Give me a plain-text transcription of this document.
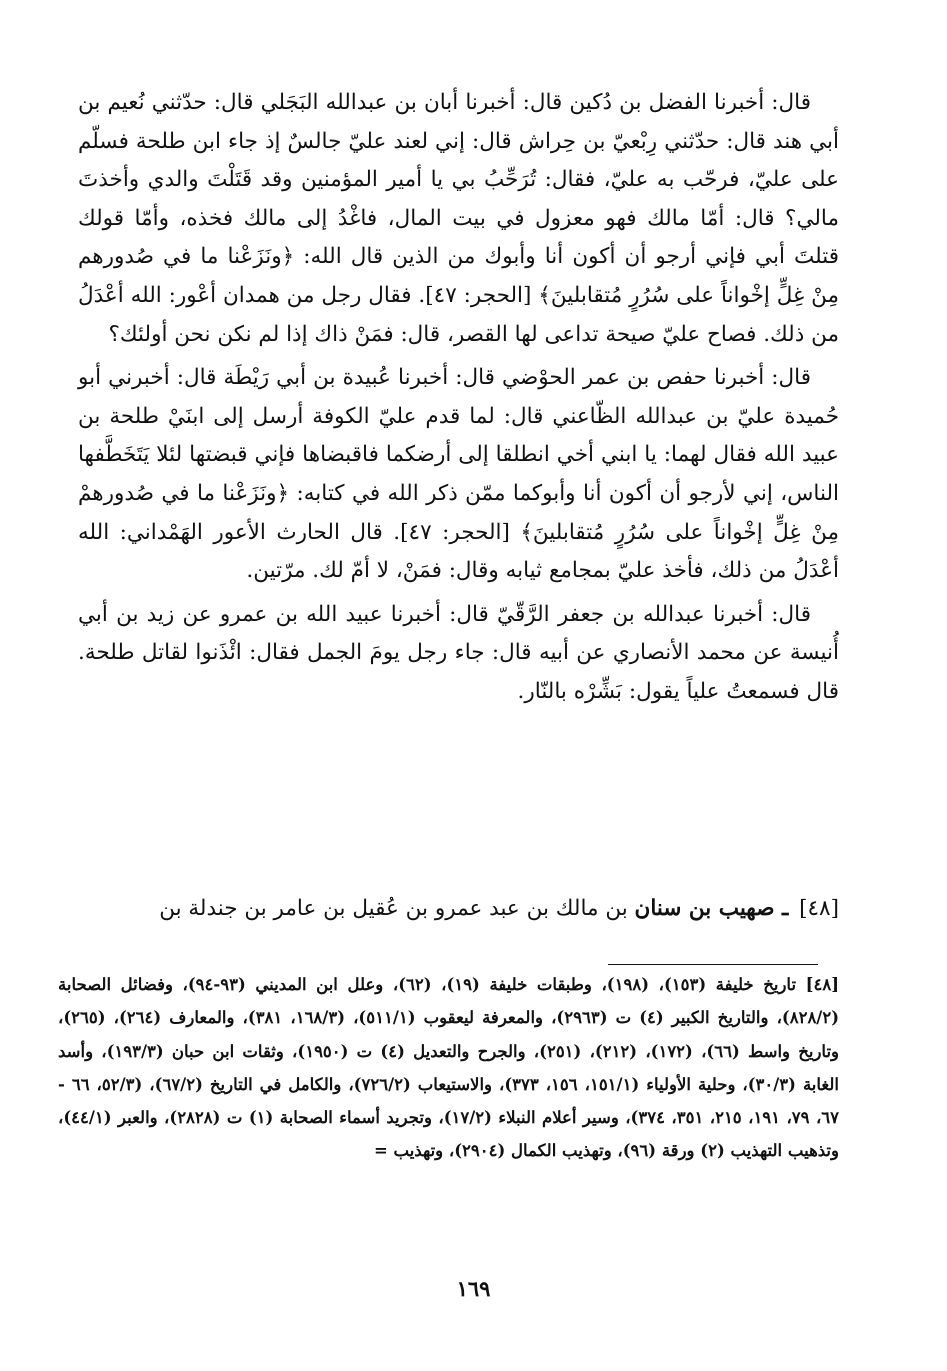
قال: أخبرنا الفضل بن دُكين قال: أخبرنا أبان بن عبدالله البَجَلي قال: حدّثني نُعيم بن أبي هند قال: حدّثني رِبْعيّ بن حِراش قال: إني لعند عليّ جالسٌ إذ جاء ابن طلحة فسلّم على عليّ، فرحّب به عليّ، فقال: تُرَحِّبُ بي يا أمير المؤمنين وقد قَتَلْتَ والدي وأخذتَ مالي؟ قال: أمّا مالك فهو معزول في بيت المال، فاغْدُ إلى مالك فخذه، وأمّا قولك قتلتَ أبي فإني أرجو أن أكون أنا وأبوك من الذين قال الله: ﴿ونَزَعْنا ما في صُدورهم مِنْ غِلٍّ إخْواناً على سُرُرٍ مُتقابلينَ﴾ [الحجر: ٤٧]. فقال رجل من همدان أعْور: الله أعْدَلُ من ذلك. فصاح عليّ صيحة تداعى لها القصر، قال: فمَنْ ذاك إذا لم نكن نحن أولئك؟

قال: أخبرنا حفص بن عمر الحوْضي قال: أخبرنا عُبيدة بن أبي رَيْطَة قال: أخبرني أبو حُميدة عليّ بن عبدالله الظّاعني قال: لما قدم عليّ الكوفة أرسل إلى ابنَيْ طلحة بن عبيد الله فقال لهما: يا ابني أخي انطلقا إلى أرضكما فاقبضاها فإني قبضتها لئلا يَتَخَطَّفها الناس، إني لأرجو أن أكون أنا وأبوكما ممّن ذكر الله في كتابه: ﴿ونَزَعْنا ما في صُدورهمْ مِنْ غِلٍّ إخْواناً على سُرُرٍ مُتقابلينَ﴾ [الحجر: ٤٧]. قال الحارث الأعور الهَمْداني: الله أعْدَلُ من ذلك، فأخذ عليّ بمجامع ثيابه وقال: فمَنْ، لا أمّ لك. مرّتين.

قال: أخبرنا عبدالله بن جعفر الرَّقّيّ قال: أخبرنا عبيد الله بن عمرو عن زيد بن أبي أُنيسة عن محمد الأنصاري عن أبيه قال: جاء رجل يومَ الجمل فقال: ائْذَنوا لقاتل طلحة. قال فسمعتُ علياً يقول: بَشِّرْه بالنّار.

[٤٨] ـ صهيب بن سنان بن مالك بن عبد عمرو بن عُقيل بن عامر بن جندلة بن
[٤٨] تاريخ خليفة (١٥٣)، (١٩٨)، وطبقات خليفة (١٩)، (٦٢)، وعلل ابن المديني (٩٣-٩٤)، وفضائل الصحابة (٨٢٨/٢)، والتاريخ الكبير (٤) ت (٢٩٦٣)، والمعرفة ليعقوب (٥١١/١)، (١٦٨/٣، ٣٨١)، والمعارف (٢٦٤)، (٢٦٥)، وتاريخ واسط (٦٦)، (١٧٢)، (٢١٢)، (٢٥١)، والجرح والتعديل (٤) ت (١٩٥٠)، وثقات ابن حبان (١٩٣/٣)، وأسد الغابة (٣٠/٣)، وحلية الأولياء (١٥١/١، ١٥٦، ٣٧٣)، والاستيعاب (٧٢٦/٢)، والكامل في التاريخ (٦٧/٢)، (٥٢/٣، ٦٦ - ٦٧، ٧٩، ١٩١، ٢١٥، ٣٥١، ٣٧٤)، وسير أعلام النبلاء (١٧/٢)، وتجريد أسماء الصحابة (١) ت (٢٨٢٨)، والعبر (٤٤/١)، وتذهيب التهذيب (٢) ورقة (٩٦)، وتهذيب الكمال (٢٩٠٤)، وتهذيب =
١٦٩
